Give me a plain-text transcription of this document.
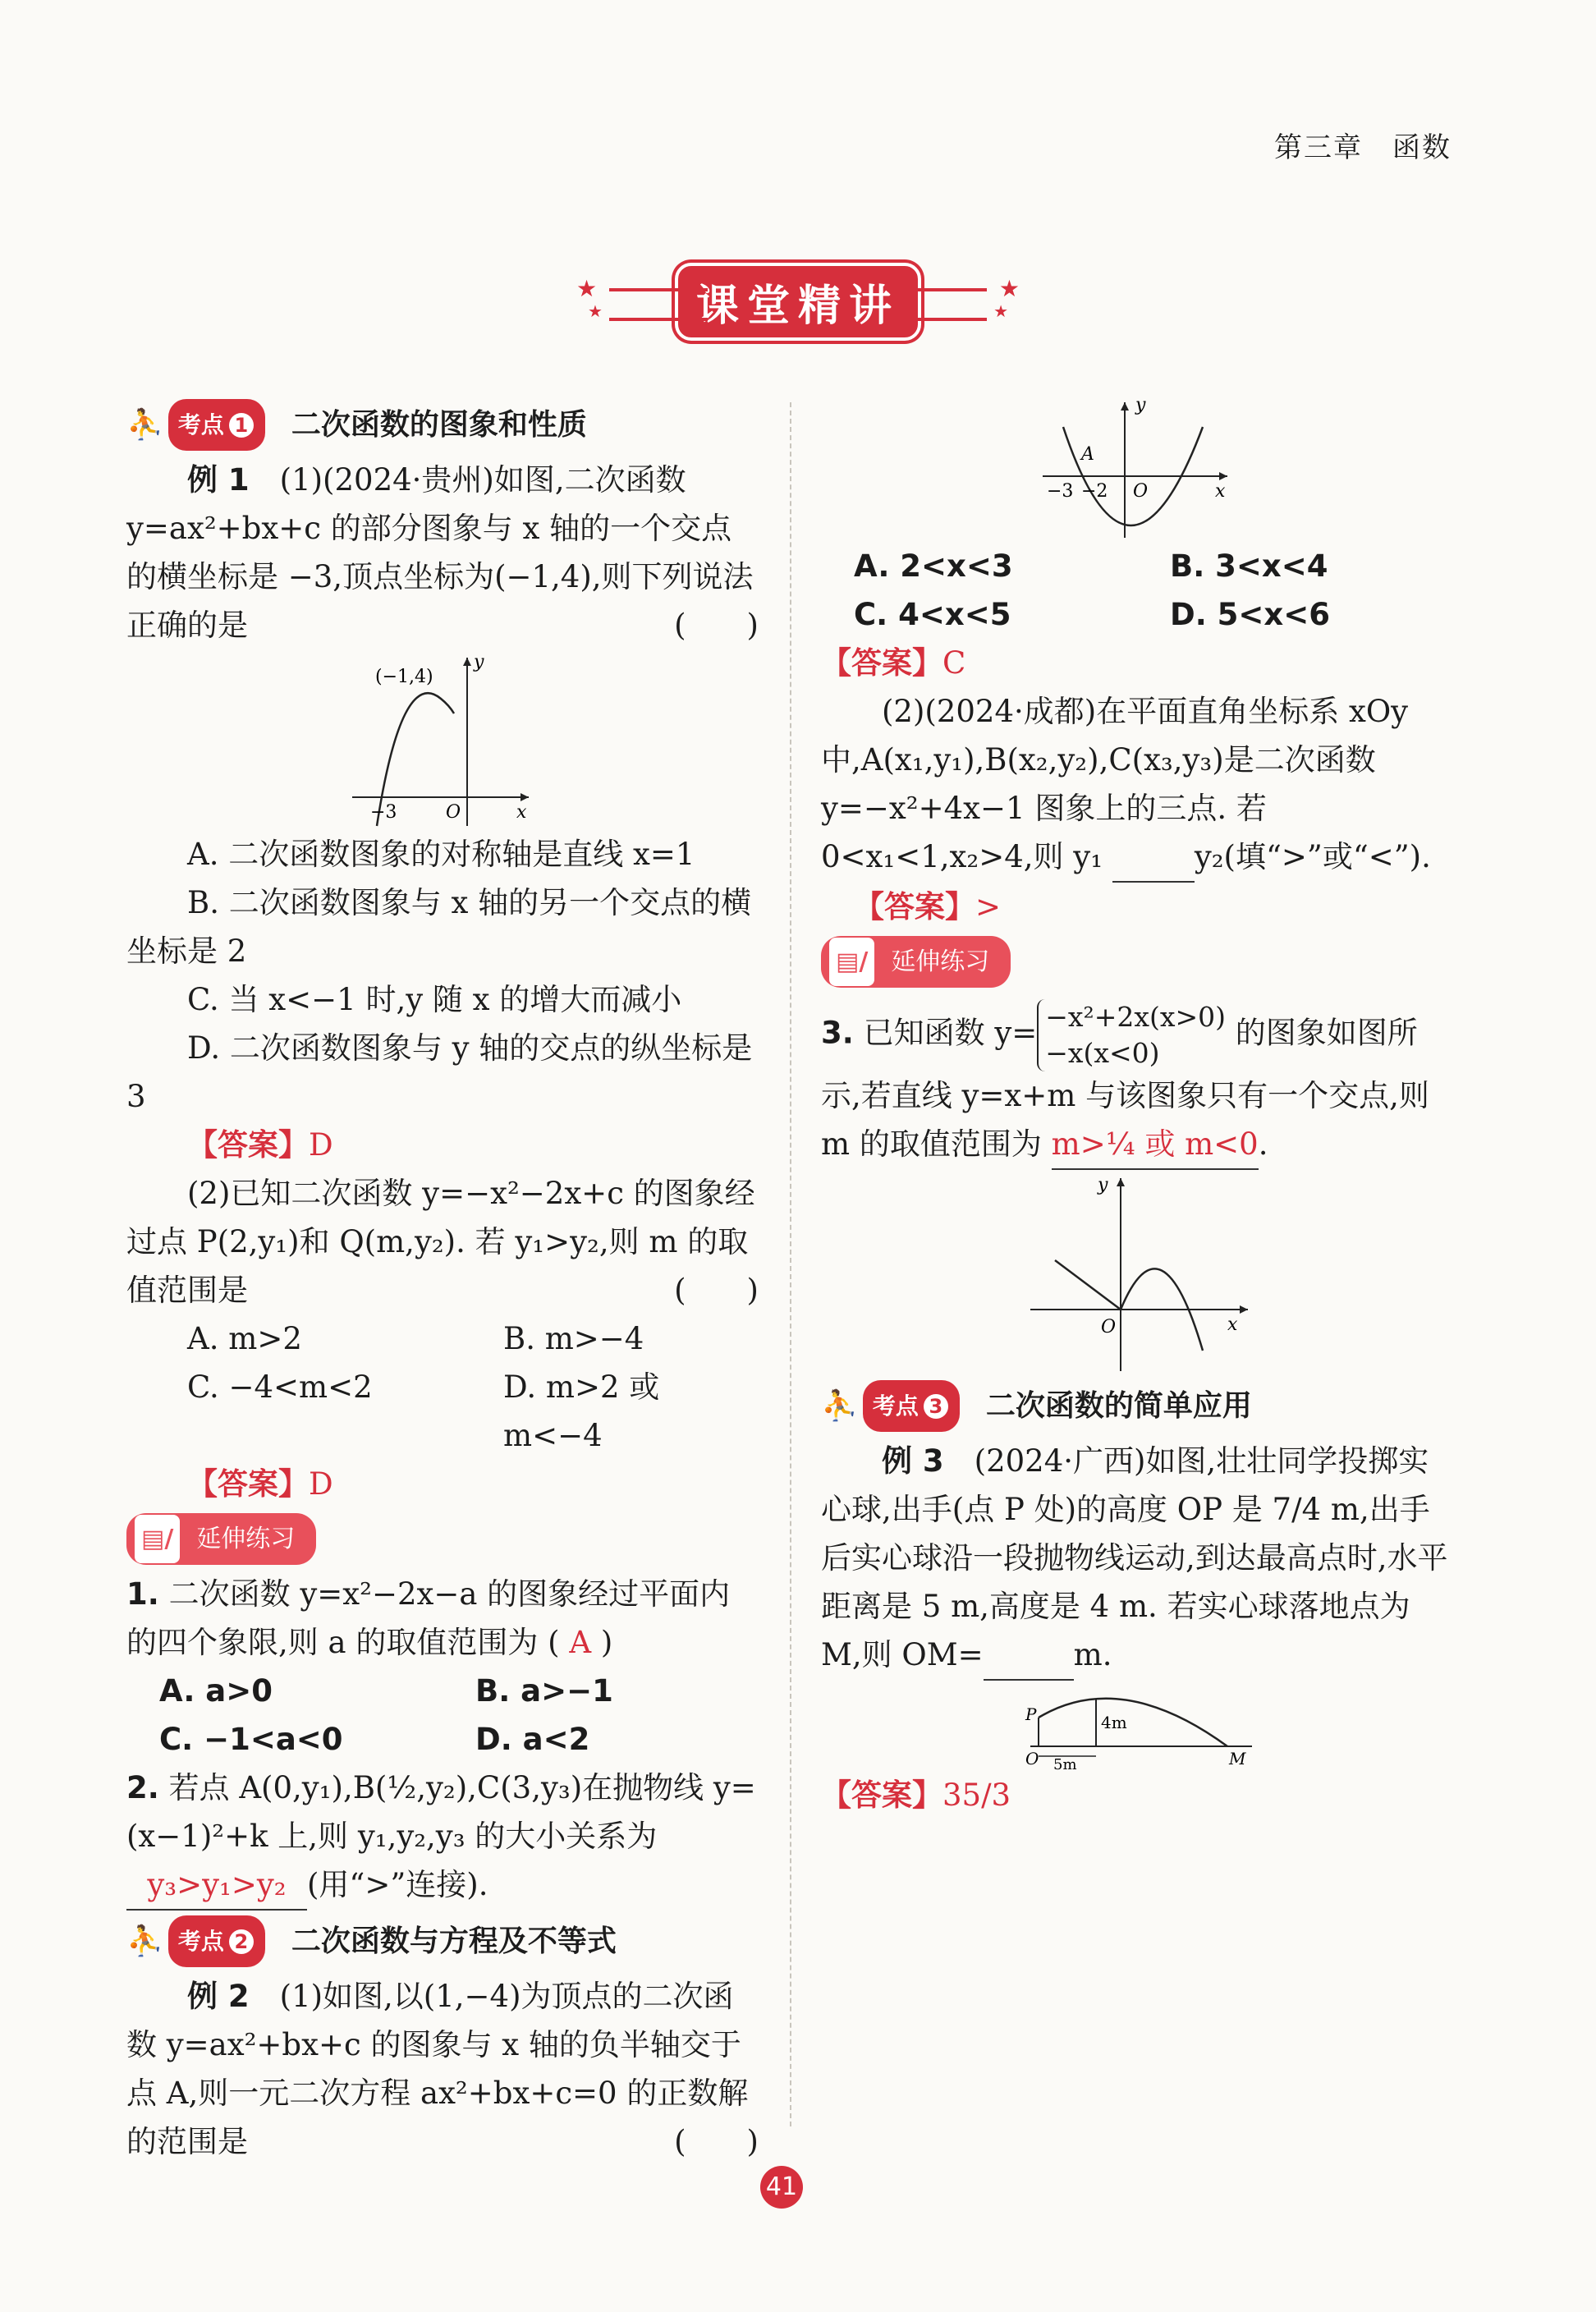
第三章　函数
★
★	课堂精讲	★
★
⛹ 考点 1 二次函数的图象和性质

例 1　 (1)(2024·贵州)如图,二次函数 y=ax²+bx+c 的部分图象与 x 轴的一个交点的横坐标是 −3,顶点坐标为(−1,4),则下列说法正确的是	(　　)

(−1,4)
y
x
−3	O

A. 二次函数图象的对称轴是直线 x=1

B. 二次函数图象与 x 轴的另一个交点的横坐标是 2

C. 当 x<−1 时,y 随 x 的增大而减小

D. 二次函数图象与 y 轴的交点的纵坐标是 3

【答案】D

(2)已知二次函数 y=−x²−2x+c 的图象经过点 P(2,y₁)和 Q(m,y₂). 若 y₁>y₂,则 m 的取值范围是	(　　)

A. m>2	B. m>−4
C. −4<m<2	D. m>2 或 m<−4

【答案】D

▤/ 延伸练习

1. 二次函数 y=x²−2x−a 的图象经过平面内的四个象限,则 a 的取值范围为 ( A )

A. a>0	B. a>−1
C. −1<a<0	D. a<2

2. 若点 A(0,y₁),B(½,y₂),C(3,y₃)在抛物线 y=(x−1)²+k 上,则 y₁,y₂,y₃ 的大小关系为y₃>y₁>y₂ (用“>”连接).

⛹ 考点 2 二次函数与方程及不等式

例 2　 (1)如图,以(1,−4)为顶点的二次函数 y=ax²+bx+c 的图象与 x 轴的负半轴交于点 A,则一元二次方程 ax²+bx+c=0 的正数解的范围是	(　　)

y
x
A
−3 −2 O
A. 2<x<3	B. 3<x<4
C. 4<x<5	D. 5<x<6

【答案】C

(2)(2024·成都)在平面直角坐标系 xOy 中,A(x₁,y₁),B(x₂,y₂),C(x₃,y₃)是二次函数 y=−x²+4x−1 图象上的三点. 若 0<x₁<1,x₂>4,则 y₁	y₂(填“>”或“<”).

【答案】>

▤/ 延伸练习

3. 已知函数 y= −x²+2x(x>0)
−x(x<0) 的图象如图所示,若直线 y=x+m 与该图象只有一个交点,则 m 的取值范围为 m>¼ 或 m<0.

y
x
O
⛹ 考点 3 二次函数的简单应用

例 3　 (2024·广西)如图,壮壮同学投掷实心球,出手(点 P 处)的高度 OP 是 7/4 m,出手后实心球沿一段抛物线运动,到达最高点时,水平距离是 5 m,高度是 4 m. 若实心球落地点为 M,则 OM=	m.

P
O	M
4m
5m

【答案】35/3

41
